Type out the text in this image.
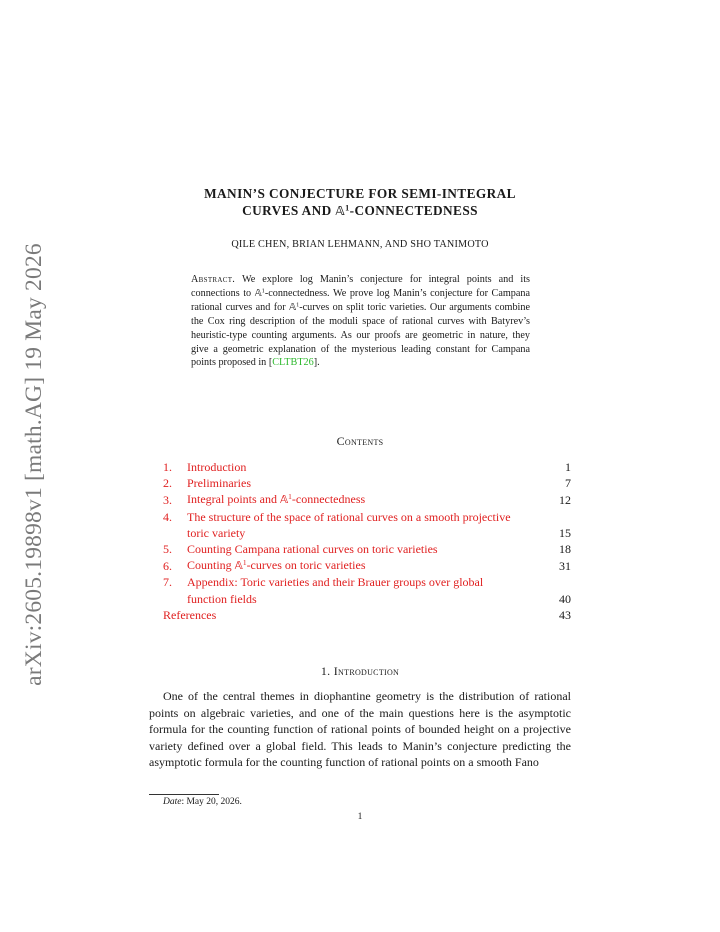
arXiv:2605.19898v1 [math.AG] 19 May 2026
MANIN’S CONJECTURE FOR SEMI-INTEGRAL
CURVES AND 𝔸$^1$-CONNECTEDNESS
QILE CHEN, BRIAN LEHMANN, AND SHO TANIMOTO
Abstract. We explore log Manin’s conjecture for integral points and its connections to 𝔸$^1$-connectedness. We prove log Manin’s conjecture for Campana rational curves and for 𝔸$^1$-curves on split toric varieties. Our arguments combine the Cox ring description of the moduli space of rational curves with Batyrev’s heuristic-type counting arguments. As our proofs are geometric in nature, they give a geometric explanation of the mysterious leading constant for Campana points proposed in [CLTBT26].
Contents
1.	Introduction	1
2.	Preliminaries	7
3.	Integral points and 𝔸$^1$-connectedness	12
4.	The structure of the space of rational curves on a smooth projective toric variety	15
5.	Counting Campana rational curves on toric varieties	18
6.	Counting 𝔸$^1$-curves on toric varieties	31
7.	Appendix: Toric varieties and their Brauer groups over global function fields	40
References	43
1. Introduction
One of the central themes in diophantine geometry is the distribution of rational points on algebraic varieties, and one of the main questions here is the asymptotic formula for the counting function of rational points of bounded height on a projective variety defined over a global field. This leads to Manin’s conjecture predicting the asymptotic formula for the counting function of rational points on a smooth Fano
Date: May 20, 2026.
1
